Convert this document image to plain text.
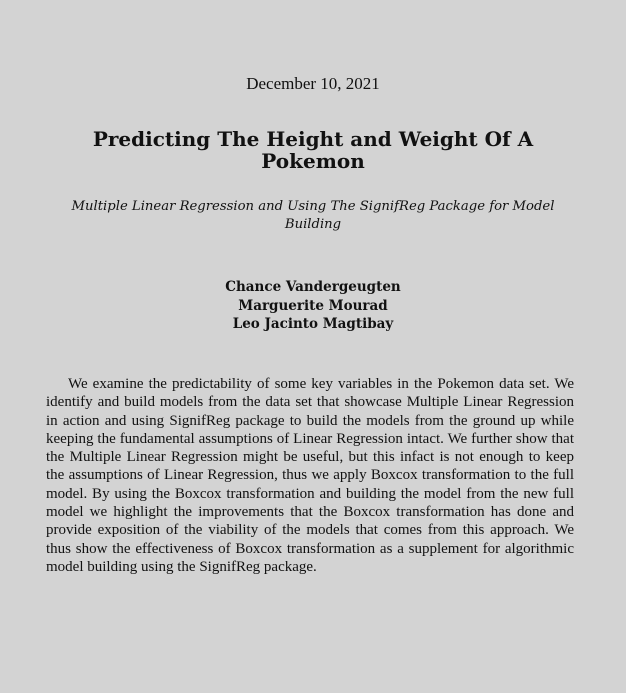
December 10, 2021
Predicting The Height and Weight Of A Pokemon
Multiple Linear Regression and Using The SignifReg Package for Model Building
Chance Vandergeugten
Marguerite Mourad
Leo Jacinto Magtibay

We examine the predictability of some key variables in the Pokemon data set. We identify and build models from the data set that showcase Multiple Linear Regression in action and using SignifReg package to build the models from the ground up while keeping the fundamental assumptions of Linear Regression intact. We further show that the Multiple Linear Regression might be useful, but this infact is not enough to keep the assumptions of Linear Regression, thus we apply Boxcox transformation to the full model. By using the Boxcox transformation and building the model from the new full model we highlight the improvements that the Boxcox transformation has done and provide exposition of the viability of the models that comes from this approach. We thus show the effectiveness of Boxcox transformation as a supplement for algorithmic model building using the SignifReg package.
